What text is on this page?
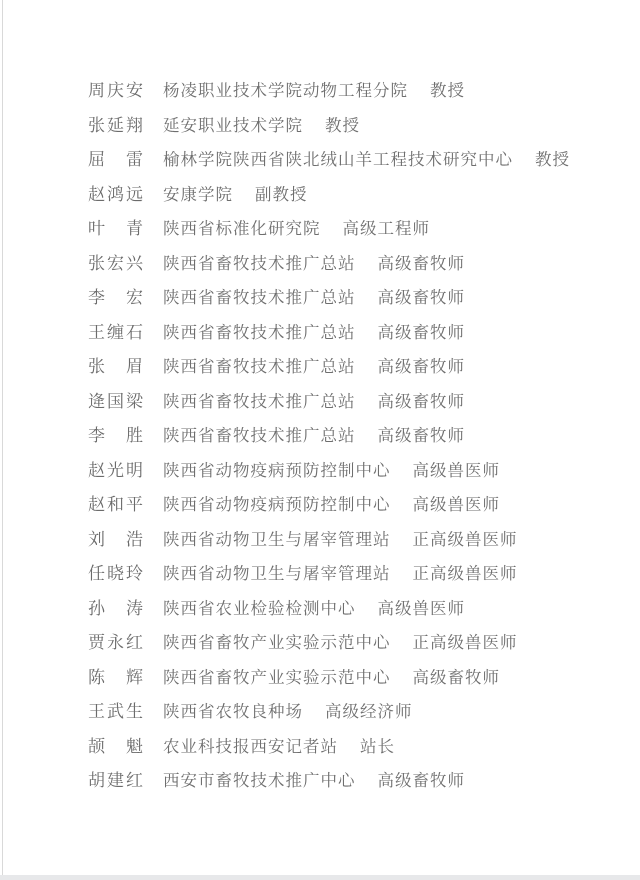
周庆安 杨凌职业技术学院动物工程分院 教授
张延翔 延安职业技术学院 教授
屈雷 榆林学院陕西省陕北绒山羊工程技术研究中心 教授
赵鸿远 安康学院 副教授
叶青 陕西省标准化研究院 高级工程师
张宏兴 陕西省畜牧技术推广总站 高级畜牧师
李宏 陕西省畜牧技术推广总站 高级畜牧师
王缠石 陕西省畜牧技术推广总站 高级畜牧师
张眉 陕西省畜牧技术推广总站 高级畜牧师
逄国梁 陕西省畜牧技术推广总站 高级畜牧师
李胜 陕西省畜牧技术推广总站 高级畜牧师
赵光明 陕西省动物疫病预防控制中心 高级兽医师
赵和平 陕西省动物疫病预防控制中心 高级兽医师
刘浩 陕西省动物卫生与屠宰管理站 正高级兽医师
任晓玲 陕西省动物卫生与屠宰管理站 正高级兽医师
孙涛 陕西省农业检验检测中心 高级兽医师
贾永红 陕西省畜牧产业实验示范中心 正高级兽医师
陈辉 陕西省畜牧产业实验示范中心 高级畜牧师
王武生 陕西省农牧良种场 高级经济师
颉魁 农业科技报西安记者站 站长
胡建红 西安市畜牧技术推广中心 高级畜牧师
